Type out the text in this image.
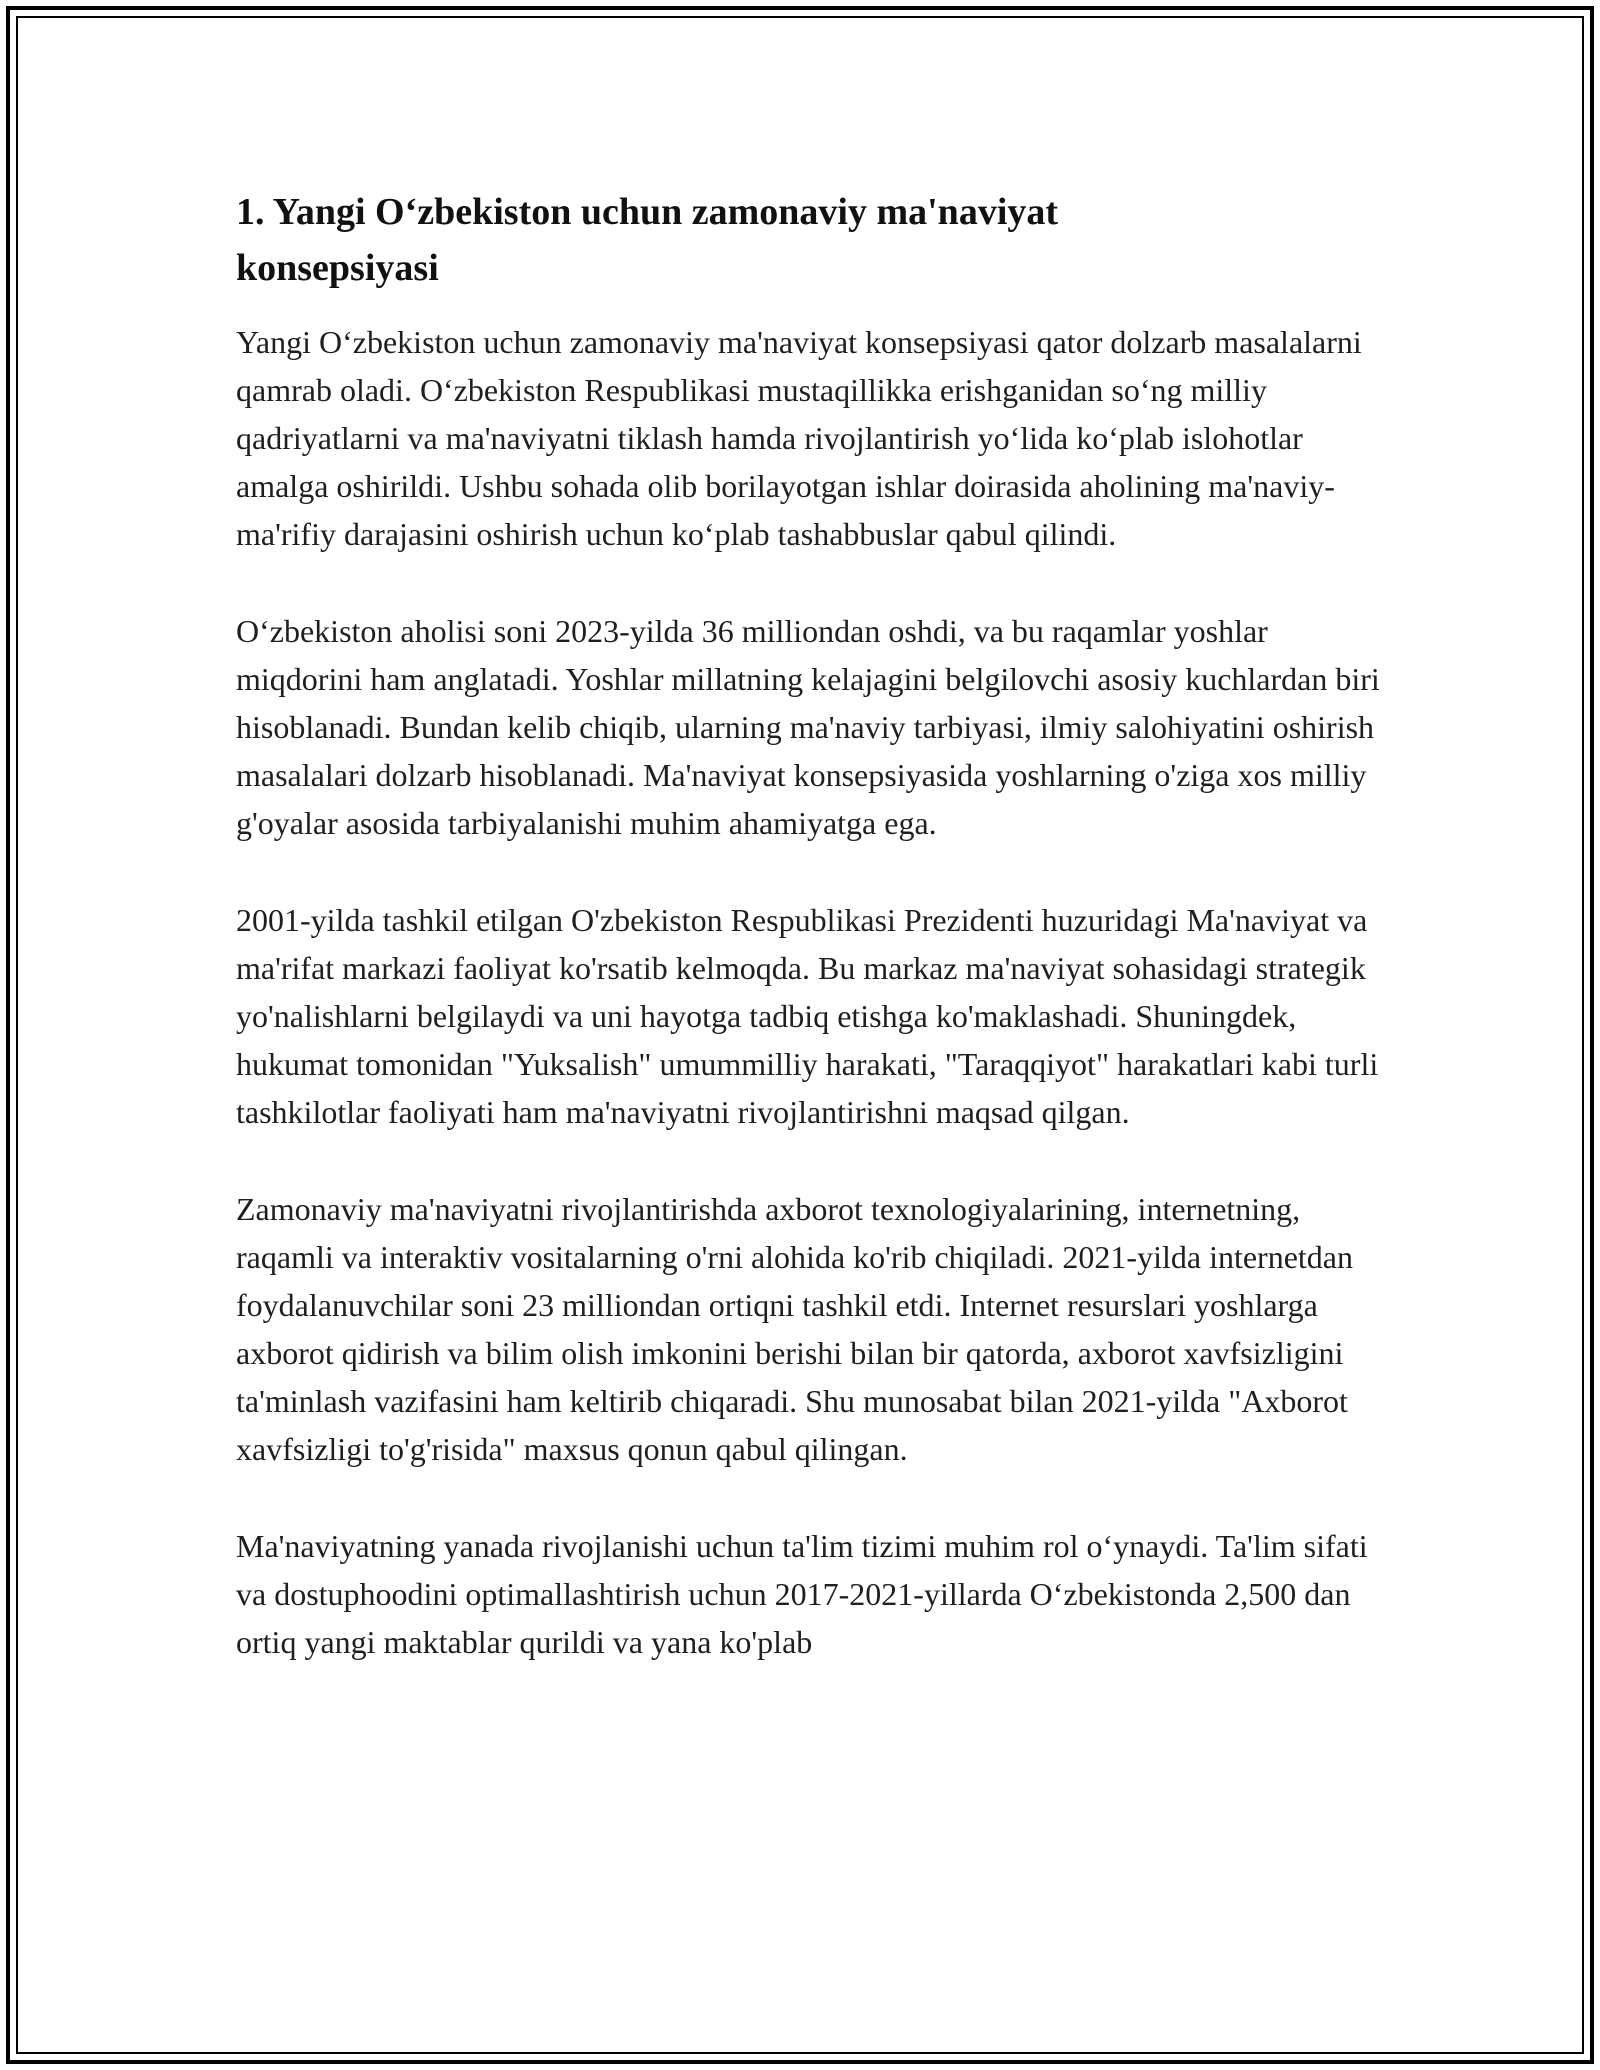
1. Yangi O‘zbekiston uchun zamonaviy ma'naviyat konsepsiyasi

Yangi O‘zbekiston uchun zamonaviy ma'naviyat konsepsiyasi qator dolzarb masalalarni qamrab oladi. O‘zbekiston Respublikasi mustaqillikka erishganidan so‘ng milliy qadriyatlarni va ma'naviyatni tiklash hamda rivojlantirish yo‘lida ko‘plab islohotlar amalga oshirildi. Ushbu sohada olib borilayotgan ishlar doirasida aholining ma'naviy-ma'rifiy darajasini oshirish uchun ko‘plab tashabbuslar qabul qilindi.

O‘zbekiston aholisi soni 2023-yilda 36 milliondan oshdi, va bu raqamlar yoshlar miqdorini ham anglatadi. Yoshlar millatning kelajagini belgilovchi asosiy kuchlardan biri hisoblanadi. Bundan kelib chiqib, ularning ma'naviy tarbiyasi, ilmiy salohiyatini oshirish masalalari dolzarb hisoblanadi. Ma'naviyat konsepsiyasida yoshlarning o'ziga xos milliy g'oyalar asosida tarbiyalanishi muhim ahamiyatga ega.

2001-yilda tashkil etilgan O'zbekiston Respublikasi Prezidenti huzuridagi Ma'naviyat va ma'rifat markazi faoliyat ko'rsatib kelmoqda. Bu markaz ma'naviyat sohasidagi strategik yo'nalishlarni belgilaydi va uni hayotga tadbiq etishga ko'maklashadi. Shuningdek, hukumat tomonidan "Yuksalish" umummilliy harakati, "Taraqqiyot" harakatlari kabi turli tashkilotlar faoliyati ham ma'naviyatni rivojlantirishni maqsad qilgan.

Zamonaviy ma'naviyatni rivojlantirishda axborot texnologiyalarining, internetning, raqamli va interaktiv vositalarning o'rni alohida ko'rib chiqiladi. 2021-yilda internetdan foydalanuvchilar soni 23 milliondan ortiqni tashkil etdi. Internet resurslari yoshlarga axborot qidirish va bilim olish imkonini berishi bilan bir qatorda, axborot xavfsizligini ta'minlash vazifasini ham keltirib chiqaradi. Shu munosabat bilan 2021-yilda "Axborot xavfsizligi to'g'risida" maxsus qonun qabul qilingan.

Ma'naviyatning yanada rivojlanishi uchun ta'lim tizimi muhim rol o‘ynaydi. Ta'lim sifati va dostuphoodini optimallashtirish uchun 2017-2021-yillarda O‘zbekistonda 2,500 dan ortiq yangi maktablar qurildi va yana ko'plab
